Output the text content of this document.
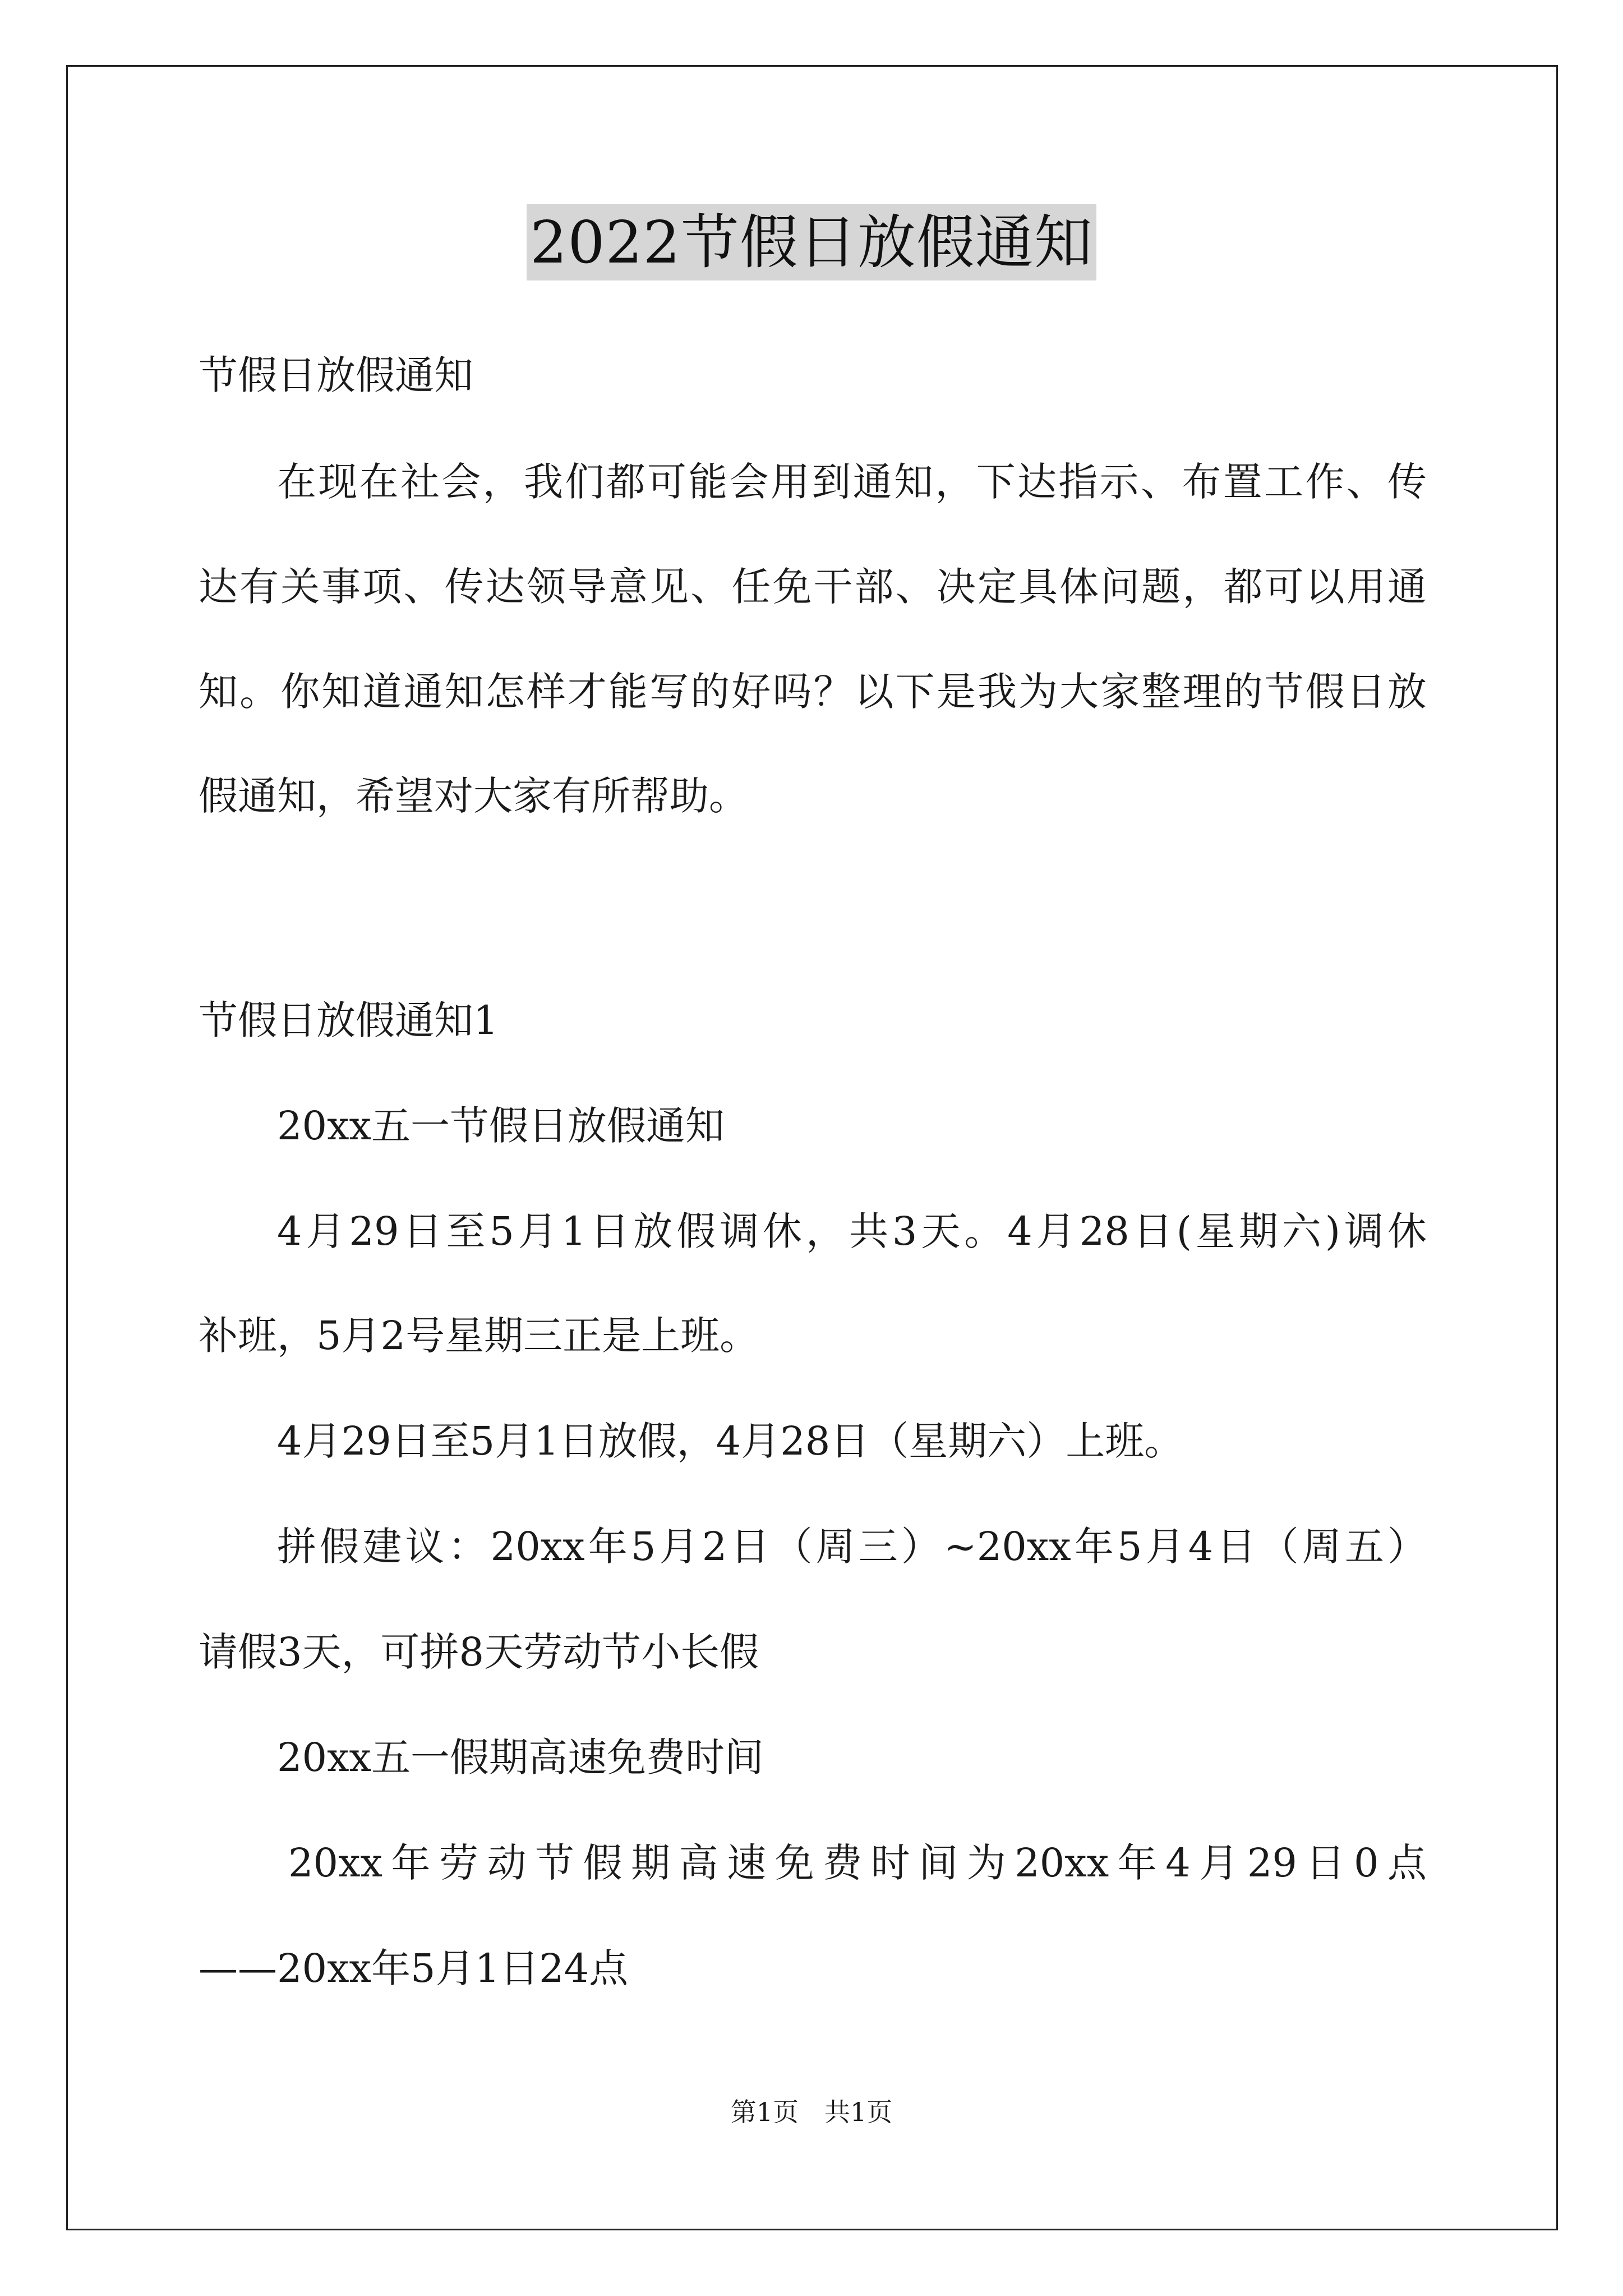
2022节假日放假通知
节假日放假通知
在现在社会，我们都可能会用到通知，下达指示、布置工作、传
达有关事项、传达领导意见、任免干部、决定具体问题，都可以用通
知。你知道通知怎样才能写的好吗？以下是我为大家整理的节假日放
假通知，希望对大家有所帮助。
节假日放假通知1
20xx五一节假日放假通知
4月29日至5月1日放假调休，共3天。4月28日(星期六)调休
补班，5月2号星期三正是上班。
4月29日至5月1日放假，4月28日（星期六）上班。
拼假建议：20xx年5月2日（周三）~20xx年5月4日（周五）
请假3天，可拼8天劳动节小长假
20xx五一假期高速免费时间
20xx年劳动节假期高速免费时间为20xx年4月29日0点
——20xx年5月1日24点
第1页 共1页
